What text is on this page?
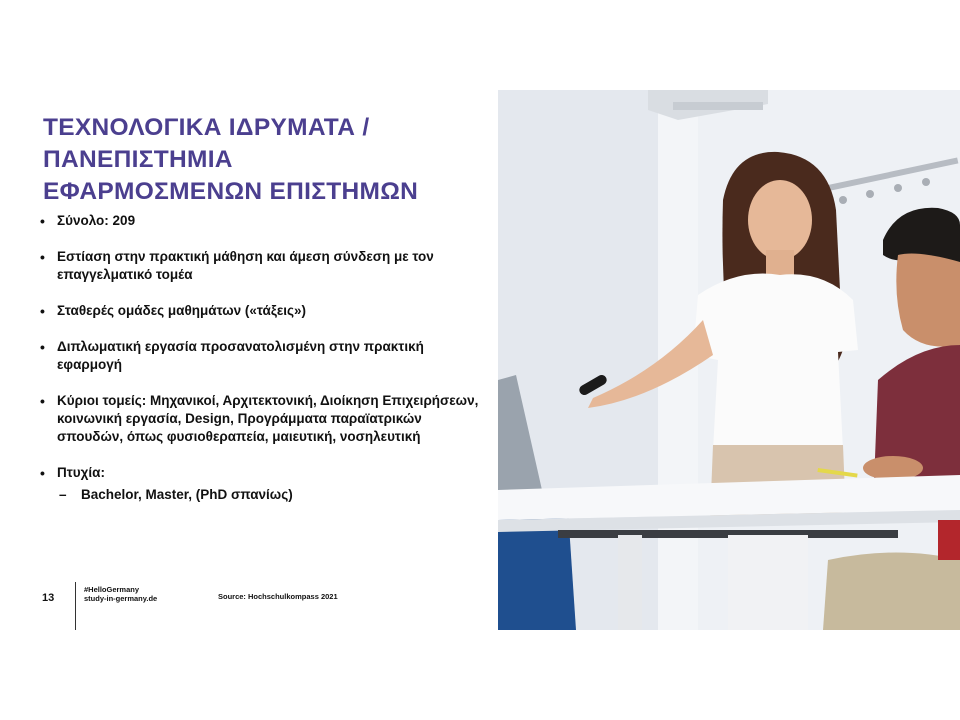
ΤΕΧΝΟΛΟΓΙΚΑ ΙΔΡΥΜΑΤΑ /
ΠΑΝΕΠΙΣΤΗΜΙΑ
ΕΦΑΡΜΟΣΜΕΝΩΝ ΕΠΙΣΤΗΜΩΝ
• Σύνολο: 209
• Εστίαση στην πρακτική μάθηση και άμεση σύνδεση με τον επαγγελματικό τομέα
• Σταθερές ομάδες μαθημάτων («τάξεις»)
• Διπλωματική εργασία προσανατολισμένη στην πρακτική εφαρμογή
• Κύριοι τομείς: Μηχανικοί, Αρχιτεκτονική, Διοίκηση Επιχειρήσεων, κοινωνική εργασία, Design, Προγράμματα παραϊατρικών σπουδών, όπως φυσιοθεραπεία, μαιευτική, νοσηλευτική
• Πτυχία:
– Bachelor, Master, (PhD σπανίως)
13
#HelloGermany
study-in-germany.de	Source: Hochschulkompass 2021
